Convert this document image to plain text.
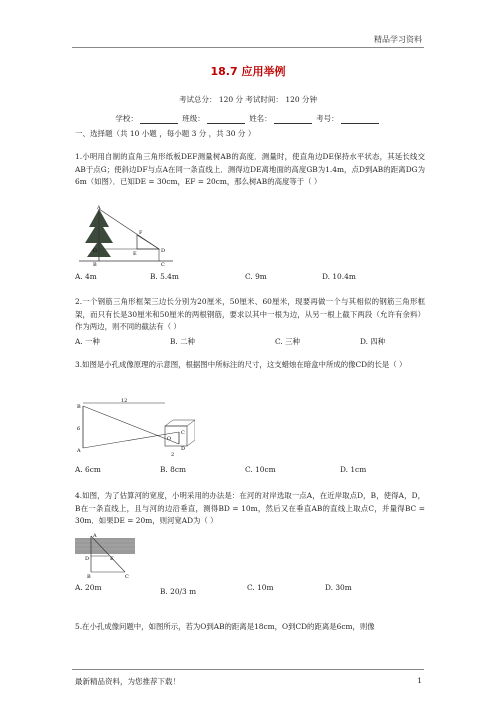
精品学习资料
18.7 应用举例
考试总分： 120 分 考试时间： 120 分钟
学校：	班级：	姓名：	考号：
一、选择题（共 10 小题 ，每小题 3 分 ，共 30 分 ）
1.小明用自制的直角三角形纸板DEF测量树AB的高度．测量时，使直角边DE保持水平状态，其延长线交AB于点G；使斜边DF与点A在同一条直线上．测得边DE离地面的高度GB为1.4m，点D到AB的距离DG为6m（如图）．已知DE = 30cm，EF = 20cm，那么树AB的高度等于（ ）
A
F
G	E	D
B	C
A. 4m	B. 5.4m	C. 9m	D. 10.4m
2.一个钢筋三角形框架三边长分别为20厘米，50厘米、60厘米，现要再做一个与其相似的钢筋三角形框架，而只有长是30厘米和50厘米的两根钢筋，要求以其中一根为边，从另一根上截下两段（允许有余料）作为两边，则不同的截法有（ ）
A. 一种	B. 二种	C. 三种	D. 四种
3.如图是小孔成像原理的示意图，根据图中所标注的尺寸，这支蜡烛在暗盒中所成的像CD的长是（ ）
B
A
C
D
O
12
6
2
A. 6cm	B. 8cm	C. 10cm	D. 1cm
4.如图，为了估算河的宽度，小明采用的办法是：在河的对岸选取一点A，在近岸取点D，B，使得A，D，B在一条直线上，且与河的边沿垂直，测得BD = 10m，然后又在垂直AB的直线上取点C，并量得BC = 30m．如果DE = 20m，则河宽AD为（ ）
A
D	E
B	C
A. 20m	B. 20/3 m	C. 10m	D. 30m
5.在小孔成像问题中，如图所示，若为O到AB的距离是18cm，O到CD的距离是6cm，则像
最新精品资料，为您推荐下载！	1
